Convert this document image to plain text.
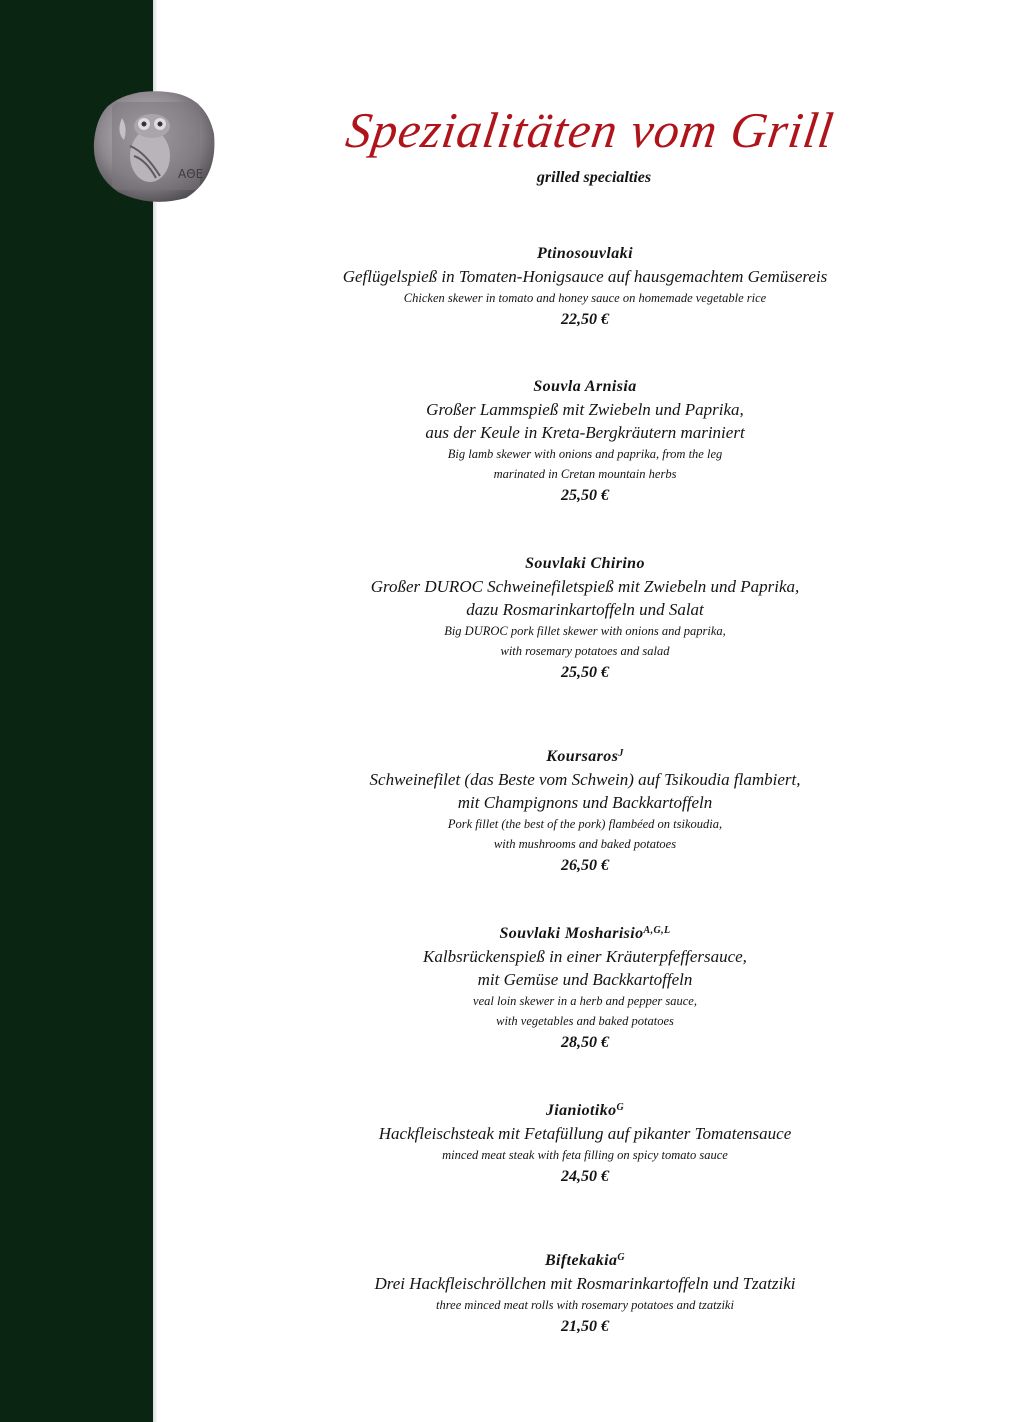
ΑΘΕ
Spezialitäten vom Grill
grilled specialties
Ptinosouvlaki
Geflügelspieß in Tomaten-Honigsauce auf hausgemachtem Gemüsereis
Chicken skewer in tomato and honey sauce on homemade vegetable rice
22,50 €
Souvla Arnisia
Großer Lammspieß mit Zwiebeln und Paprika,
aus der Keule in Kreta-Bergkräutern mariniert
Big lamb skewer with onions and paprika, from the leg
marinated in Cretan mountain herbs
25,50 €
Souvlaki Chirino
Großer DUROC Schweinefiletspieß mit Zwiebeln und Paprika,
dazu Rosmarinkartoffeln und Salat
Big DUROC pork fillet skewer with onions and paprika,
with rosemary potatoes and salad
25,50 €
Koursaros$^J$
Schweinefilet (das Beste vom Schwein) auf Tsikoudia flambiert,
mit Champignons und Backkartoffeln
Pork fillet (the best of the pork) flambéed on tsikoudia,
with mushrooms and baked potatoes
26,50 €
Souvlaki Mosharisio$^{A,G,L}$
Kalbsrückenspieß in einer Kräuterpfeffersauce,
mit Gemüse und Backkartoffeln
veal loin skewer in a herb and pepper sauce,
with vegetables and baked potatoes
28,50 €
Jianiotiko$^G$
Hackfleischsteak mit Fetafüllung auf pikanter Tomatensauce
minced meat steak with feta filling on spicy tomato sauce
24,50 €
Biftekakia$^G$
Drei Hackfleischröllchen mit Rosmarinkartoffeln und Tzatziki
three minced meat rolls with rosemary potatoes and tzatziki
21,50 €
